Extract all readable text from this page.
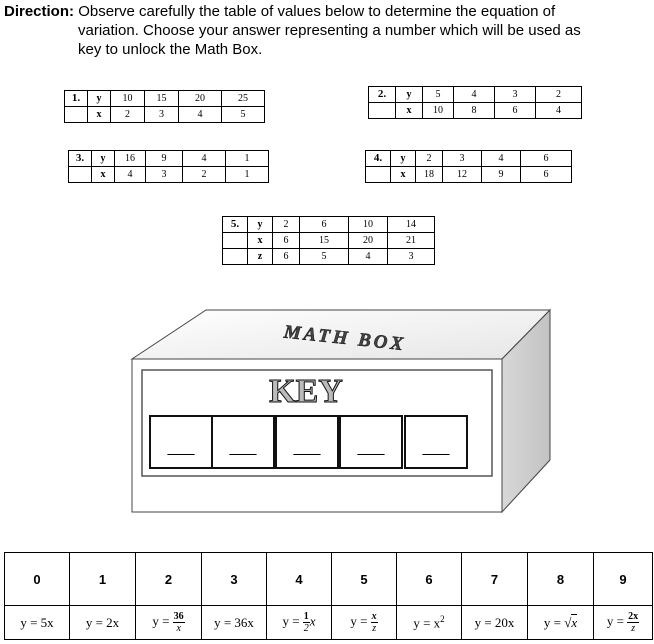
Direction: Observe carefully the table of values below to determine the equation of
variation. Choose your answer representing a number which will be used as
key to unlock the Math Box.
1.	y	10	15	20	25
	x	2	3	4	5
2.	y	5	4	3	2
	x	10	8	6	4
3.	y	16	9	4	1
	x	4	3	2	1
4.	y	2	3	4	6
	x	18	12	9	6
5.	y	2	6	10	14
	x	6	15	20	21
	z	6	5	4	3
MATH BOX
KEY
___ ___ ___ ___ ___
0	1	2	3	4	5	6	7	8	9
y = 5x	y = 2x	$y = \frac{36}{x}$	y = 36x	$y = \frac{1}{2}$ x	$y = \frac{x}{z}$	$y = x^2$	y = 20x	y = √x	$y = \frac{2x}{z}$
